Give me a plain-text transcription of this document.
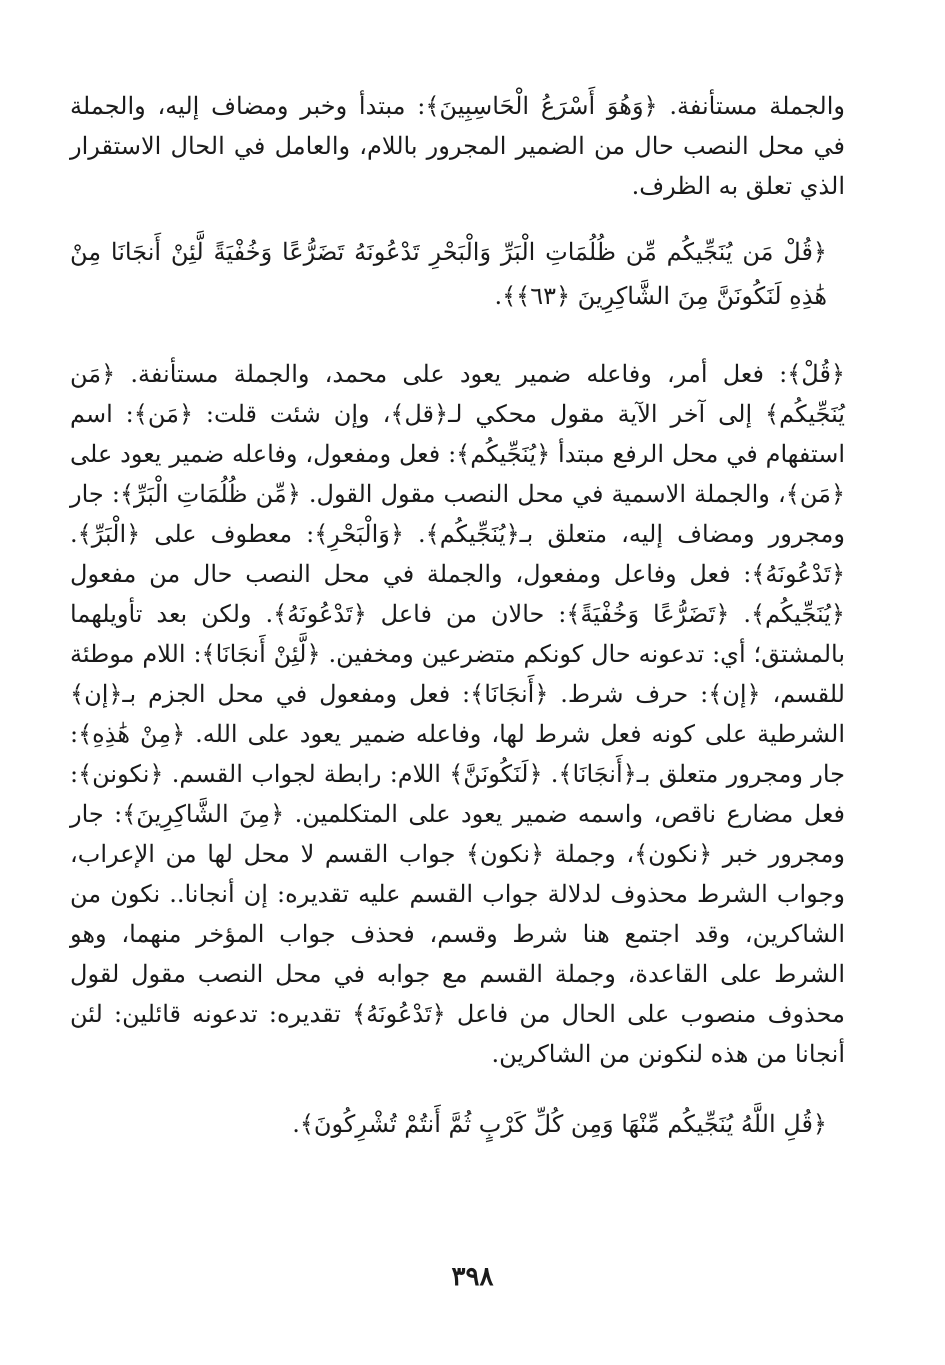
والجملة مستأنفة. ﴿وَهُوَ أَسْرَعُ الْحَاسِبِينَ﴾: مبتدأ وخبر ومضاف إليه، والجملة في محل النصب حال من الضمير المجرور باللام، والعامل في الحال الاستقرار الذي تعلق به الظرف.

﴿قُلْ مَن يُنَجِّيكُم مِّن ظُلُمَاتِ الْبَرِّ وَالْبَحْرِ تَدْعُونَهُ تَضَرُّعًا وَخُفْيَةً لَّئِنْ أَنجَانَا مِنْ هَٰذِهِ لَنَكُونَنَّ مِنَ الشَّاكِرِينَ ﴿٦٣﴾﴾.

﴿قُلْ﴾: فعل أمر، وفاعله ضمير يعود على محمد، والجملة مستأنفة. ﴿مَن يُنَجِّيكُم﴾ إلى آخر الآية مقول محكي لـ﴿قل﴾، وإن شئت قلت: ﴿مَن﴾: اسم استفهام في محل الرفع مبتدأ ﴿يُنَجِّيكُم﴾: فعل ومفعول، وفاعله ضمير يعود على ﴿مَن﴾، والجملة الاسمية في محل النصب مقول القول. ﴿مِّن ظُلُمَاتِ الْبَرِّ﴾: جار ومجرور ومضاف إليه، متعلق بـ﴿يُنَجِّيكُم﴾. ﴿وَالْبَحْرِ﴾: معطوف على ﴿الْبَرِّ﴾. ﴿تَدْعُونَهُ﴾: فعل وفاعل ومفعول، والجملة في محل النصب حال من مفعول ﴿يُنَجِّيكُم﴾. ﴿تَضَرُّعًا وَخُفْيَةً﴾: حالان من فاعل ﴿تَدْعُونَهُ﴾. ولكن بعد تأويلهما بالمشتق؛ أي: تدعونه حال كونكم متضرعين ومخفين. ﴿لَّئِنْ أَنجَانَا﴾: اللام موطئة للقسم، ﴿إن﴾: حرف شرط. ﴿أَنجَانَا﴾: فعل ومفعول في محل الجزم بـ﴿إن﴾ الشرطية على كونه فعل شرط لها، وفاعله ضمير يعود على الله. ﴿مِنْ هَٰذِهِ﴾: جار ومجرور متعلق بـ﴿أَنجَانَا﴾. ﴿لَنَكُونَنَّ﴾ اللام: رابطة لجواب القسم. ﴿نكونن﴾: فعل مضارع ناقص، واسمه ضمير يعود على المتكلمين. ﴿مِنَ الشَّاكِرِينَ﴾: جار ومجرور خبر ﴿نكون﴾، وجملة ﴿نكون﴾ جواب القسم لا محل لها من الإعراب، وجواب الشرط محذوف لدلالة جواب القسم عليه تقديره: إن أنجانا.. نكون من الشاكرين، وقد اجتمع هنا شرط وقسم، فحذف جواب المؤخر منهما، وهو الشرط على القاعدة، وجملة القسم مع جوابه في محل النصب مقول لقول محذوف منصوب على الحال من فاعل ﴿تَدْعُونَهُ﴾ تقديره: تدعونه قائلين: لئن أنجانا من هذه لنكونن من الشاكرين.

﴿قُلِ اللَّهُ يُنَجِّيكُم مِّنْهَا وَمِن كُلِّ كَرْبٍ ثُمَّ أَنتُمْ تُشْرِكُونَ﴾.

٣٩٨
